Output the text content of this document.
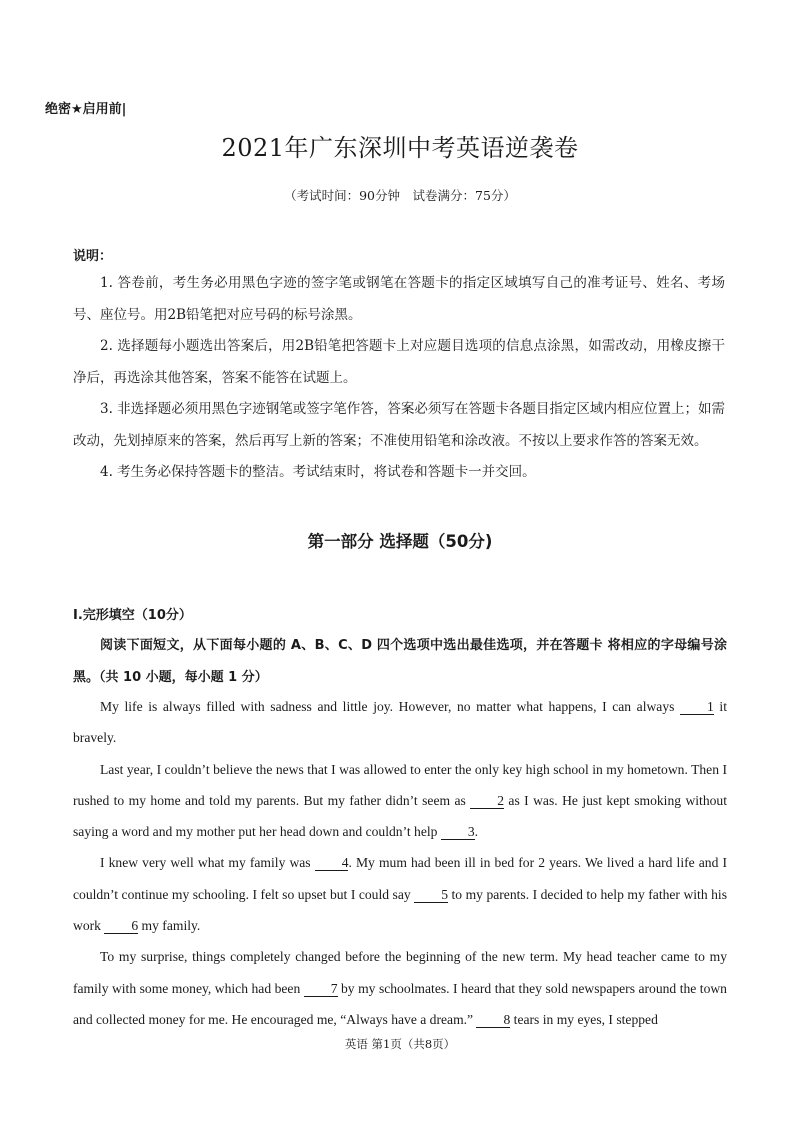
绝密★启用前|
2021年广东深圳中考英语逆袭卷
（考试时间：90分钟　试卷满分：75分）
说明：

1. 答卷前，考生务必用黑色字迹的签字笔或钢笔在答题卡的指定区域填写自己的准考证号、姓名、考场号、座位号。用2B铅笔把对应号码的标号涂黑。

2. 选择题每小题选出答案后，用2B铅笔把答题卡上对应题目选项的信息点涂黑，如需改动，用橡皮擦干净后，再选涂其他答案，答案不能答在试题上。

3. 非选择题必须用黑色字迹钢笔或签字笔作答，答案必须写在答题卡各题目指定区域内相应位置上；如需改动，先划掉原来的答案，然后再写上新的答案；不准使用铅笔和涂改液。不按以上要求作答的答案无效。

4. 考生务必保持答题卡的整洁。考试结束时，将试卷和答题卡一并交回。

第一部分 选择题（50分)
I.完形填空（10分）

阅读下面短文，从下面每小题的 A、B、C、D 四个选项中选出最佳选项，并在答题卡 将相应的字母编号涂黑。（共 10 小题，每小题 1 分）

My life is always filled with sadness and little joy. However, no matter what happens, I can always 1 it bravely.

Last year, I couldn’t believe the news that I was allowed to enter the only key high school in my hometown. Then I rushed to my home and told my parents. But my father didn’t seem as 2 as I was. He just kept smoking without saying a word and my mother put her head down and couldn’t help 3.

I knew very well what my family was 4. My mum had been ill in bed for 2 years. We lived a hard life and I couldn’t continue my schooling. I felt so upset but I could say 5 to my parents. I decided to help my father with his work 6 my family.

To my surprise, things completely changed before the beginning of the new term. My head teacher came to my family with some money, which had been 7 by my schoolmates. I heard that they sold newspapers around the town and collected money for me. He encouraged me, “Always have a dream.” 8 tears in my eyes, I stepped

英语 第1页（共8页）
